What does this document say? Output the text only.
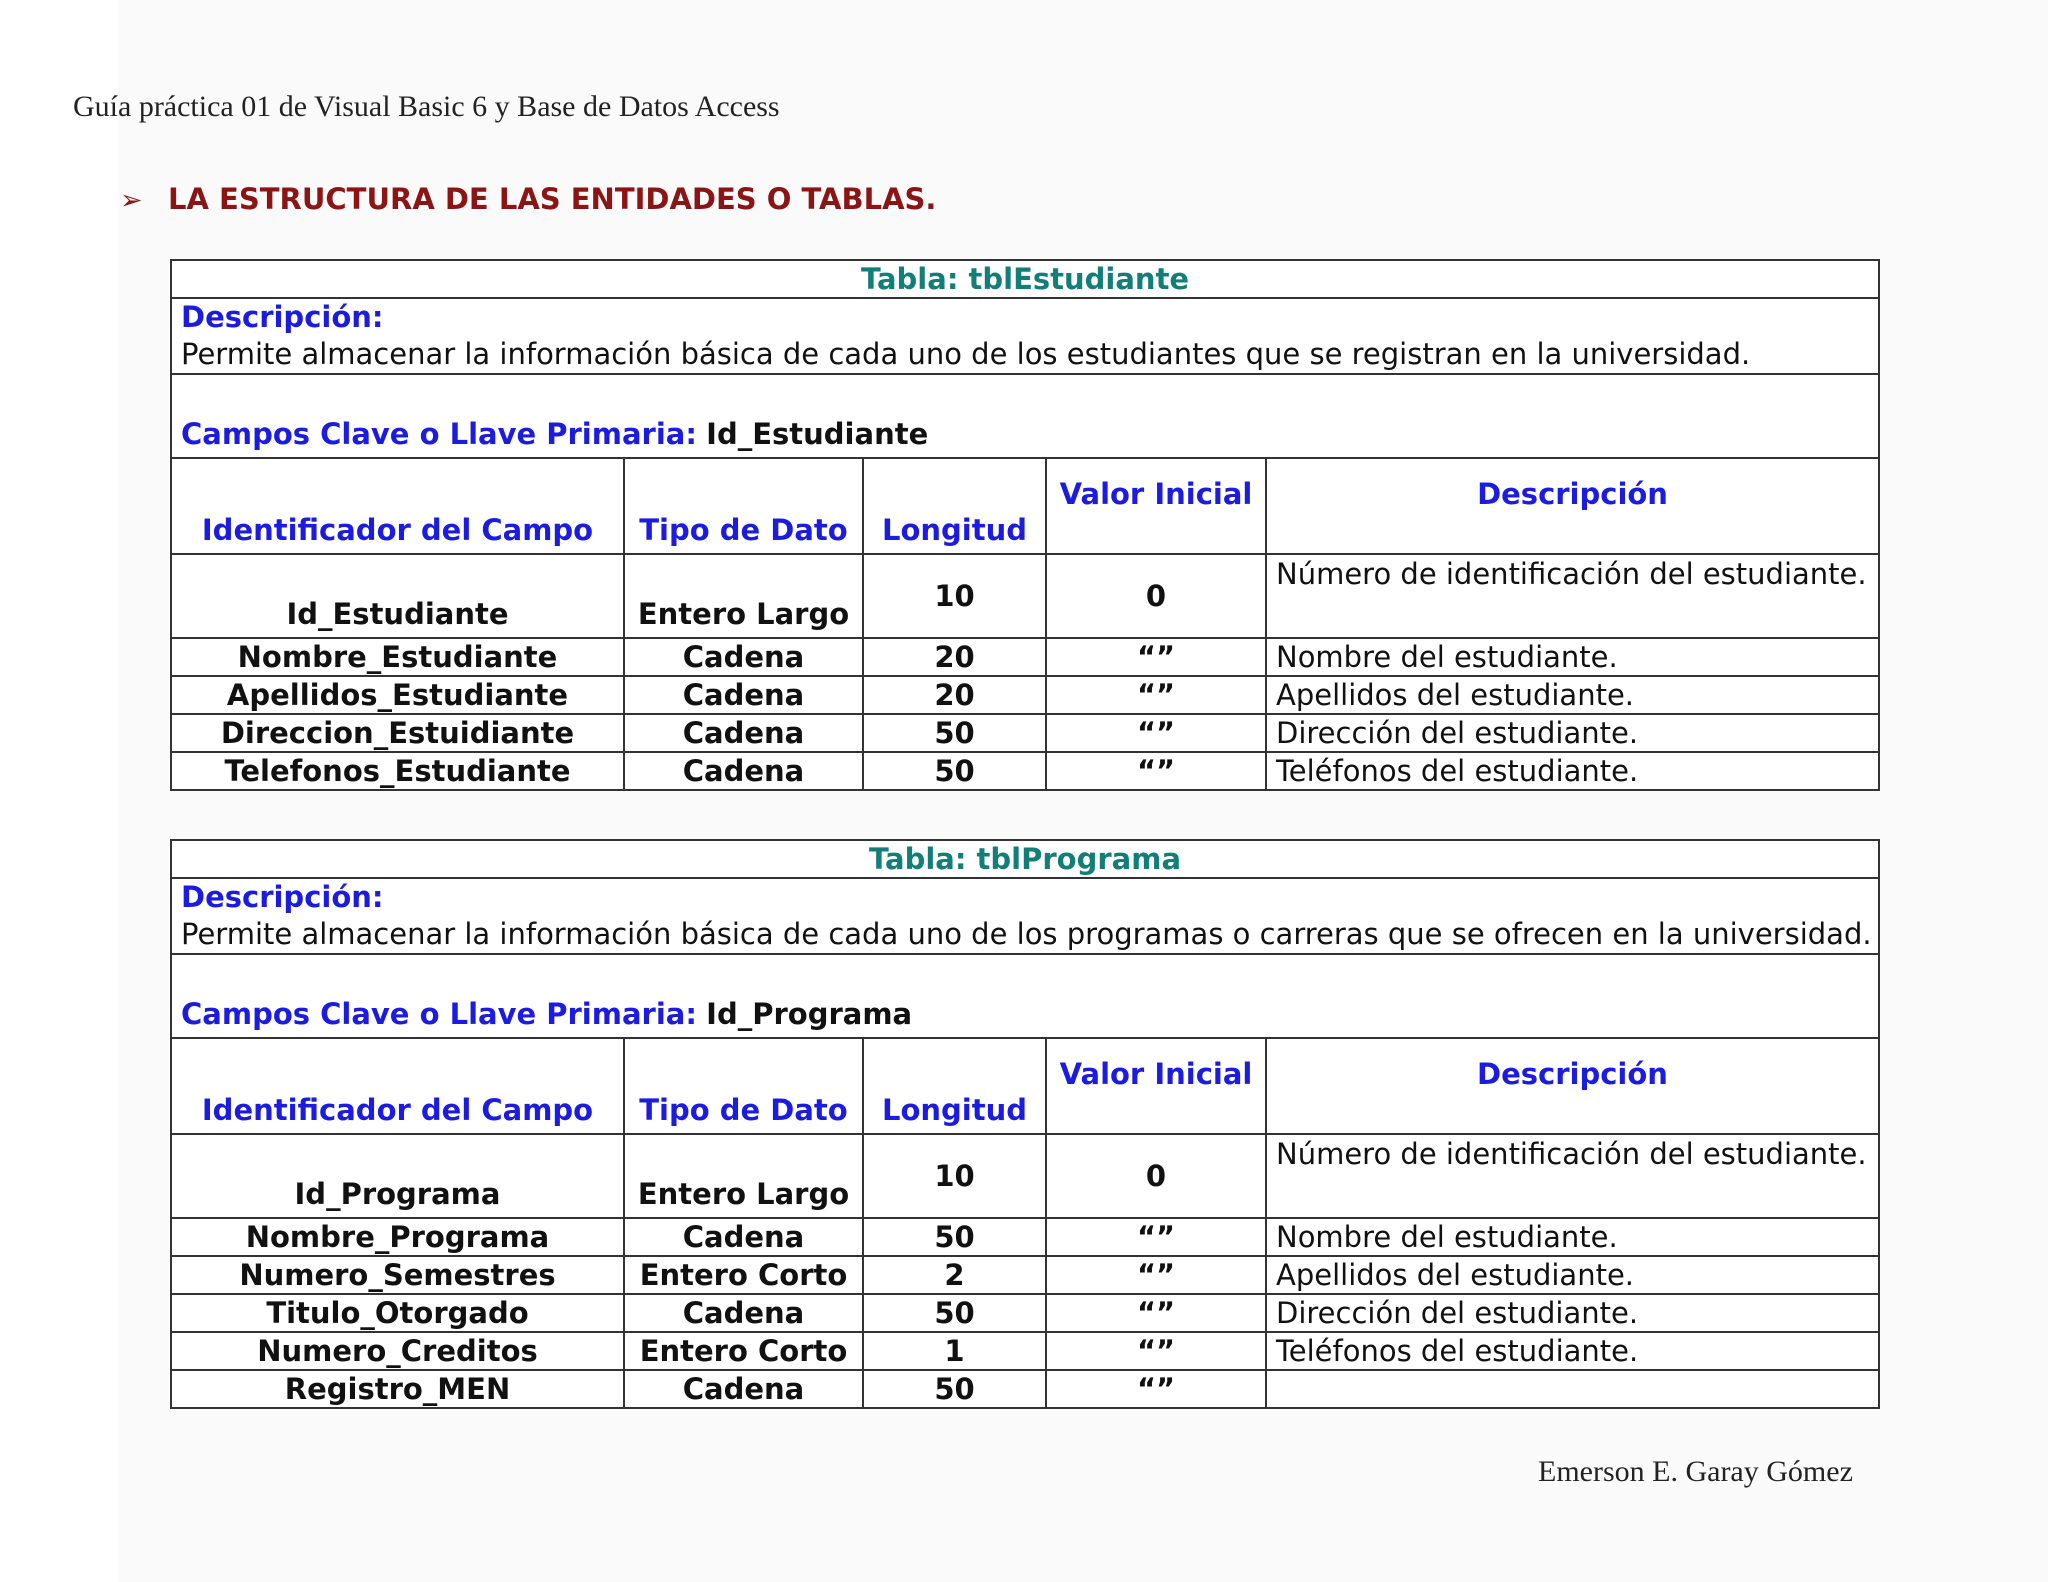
Guía práctica 01 de Visual Basic 6 y Base de Datos Access
➢ LA ESTRUCTURA DE LAS ENTIDADES O TABLAS.
Tabla: tblEstudiante				

Descripción:
Permite almacenar la información básica de cada uno de los estudiantes que se registran en la universidad.				

Campos Clave o Llave Primaria: Id_Estudiante				
Identificador del Campo	Tipo de Dato	Longitud	Valor Inicial	Descripción
Id_Estudiante	Entero Largo	10	0	Número de identificación del estudiante.
Nombre_Estudiante	Cadena	20	“”	Nombre del estudiante.
Apellidos_Estudiante	Cadena	20	“”	Apellidos del estudiante.
Direccion_Estuidiante	Cadena	50	“”	Dirección del estudiante.
Telefonos_Estudiante	Cadena	50	“”	Teléfonos del estudiante.
Tabla: tblPrograma				

Descripción:
Permite almacenar la información básica de cada uno de los programas o carreras que se ofrecen en la universidad.				

Campos Clave o Llave Primaria: Id_Programa				
Identificador del Campo	Tipo de Dato	Longitud	Valor Inicial	Descripción
Id_Programa	Entero Largo	10	0	Número de identificación del estudiante.
Nombre_Programa	Cadena	50	“”	Nombre del estudiante.
Numero_Semestres	Entero Corto	2	“”	Apellidos del estudiante.
Titulo_Otorgado	Cadena	50	“”	Dirección del estudiante.
Numero_Creditos	Entero Corto	1	“”	Teléfonos del estudiante.
Registro_MEN	Cadena	50	“”	
Emerson E. Garay Gómez
